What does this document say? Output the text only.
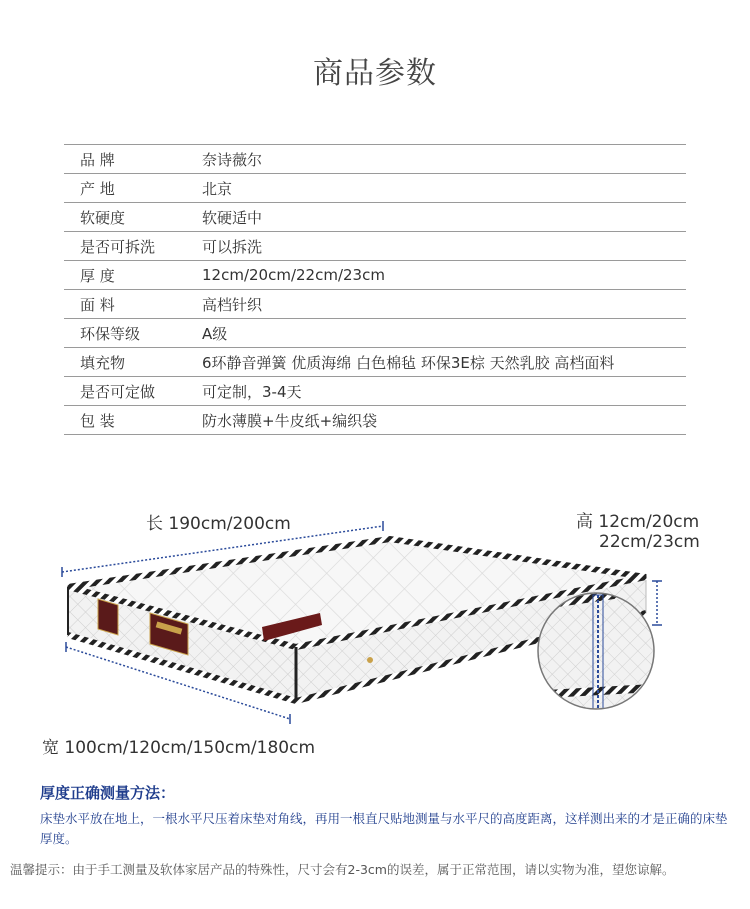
商品参数
品 牌	奈诗薇尔
产 地	北京
软硬度	软硬适中
是否可拆洗	可以拆洗
厚 度	12cm/20cm/22cm/23cm
面 料	高档针织
环保等级	A级
填充物	6环静音弹簧 优质海绵 白色棉毡 环保3E棕 天然乳胶 高档面料
是否可定做	可定制，3-4天
包 装	防水薄膜+牛皮纸+编织袋
长 190cm/200cm	高 12cm/20cm
22cm/23cm
宽 100cm/120cm/150cm/180cm
厚度正确测量方法：
床垫水平放在地上，一根水平尺压着床垫对角线，再用一根直尺贴地测量与水平尺的高度距离，这样测出来的才是正确的床垫厚度。
温馨提示：由于手工测量及软体家居产品的特殊性，尺寸会有2-3cm的误差，属于正常范围，请以实物为准，望您谅解。
